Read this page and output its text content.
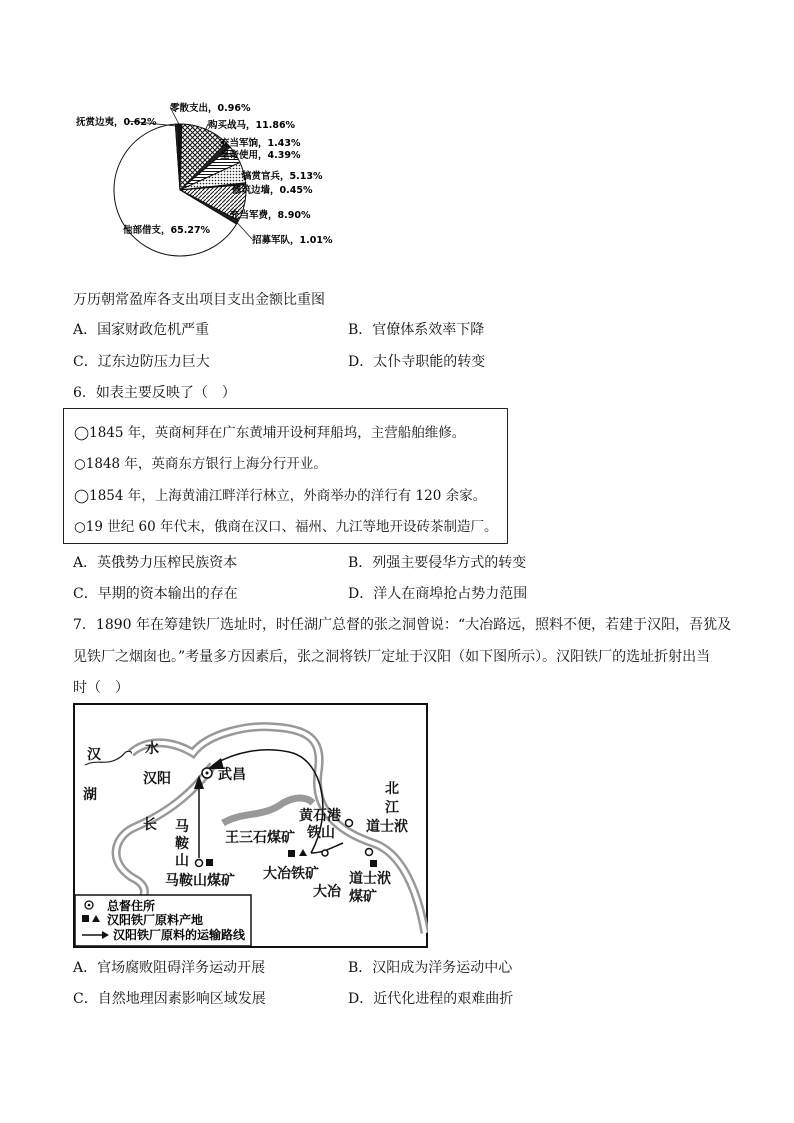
零散支出，0.96%
购买战马，11.86%
充当军饷，1.43%
皇帝使用，4.39%
犒赏官兵，5.13%
修筑边墙，0.45%
充当军费，8.90%
招募军队，1.01%
他部借支，65.27%
抚赏边夷，0.62%
万历朝常盈库各支出项目支出金额比重图
A．国家财政危机严重	B．官僚体系效率下降
C．辽东边防压力巨大	D．太仆寺职能的转变
6．如表主要反映了（　）
◯1845 年，英商柯拜在广东黄埔开设柯拜船坞，主营船舶维修。
○1848 年，英商东方银行上海分行开业。
◯1854 年，上海黄浦江畔洋行林立，外商举办的洋行有 120 余家。
○19 世纪 60 年代末，俄商在汉口、福州、九江等地开设砖茶制造厂。
A．英俄势力压榨民族资本	B．列强主要侵华方式的转变
C．早期的资本输出的存在	D．洋人在商埠抢占势力范围
7．1890 年在筹建铁厂选址时，时任湖广总督的张之洞曾说：“大冶路远，照料不便，若建于汉阳，吾犹及
见铁厂之烟囱也。”考量多方因素后，张之洞将铁厂定址于汉阳（如下图所示）。汉阳铁厂的选址折射出当
时（　）
汉	水
汉阳	武昌
湖
长 马
鞍
山
马鞍山煤矿
王三石煤矿
黄石港
铁山
大冶铁矿
大冶
北
江
道士洑
道士洑
煤矿
总督住所
汉阳铁厂原料产地
汉阳铁厂原料的运输路线
A．官场腐败阻碍洋务运动开展	B．汉阳成为洋务运动中心
C．自然地理因素影响区域发展	D．近代化进程的艰难曲折
